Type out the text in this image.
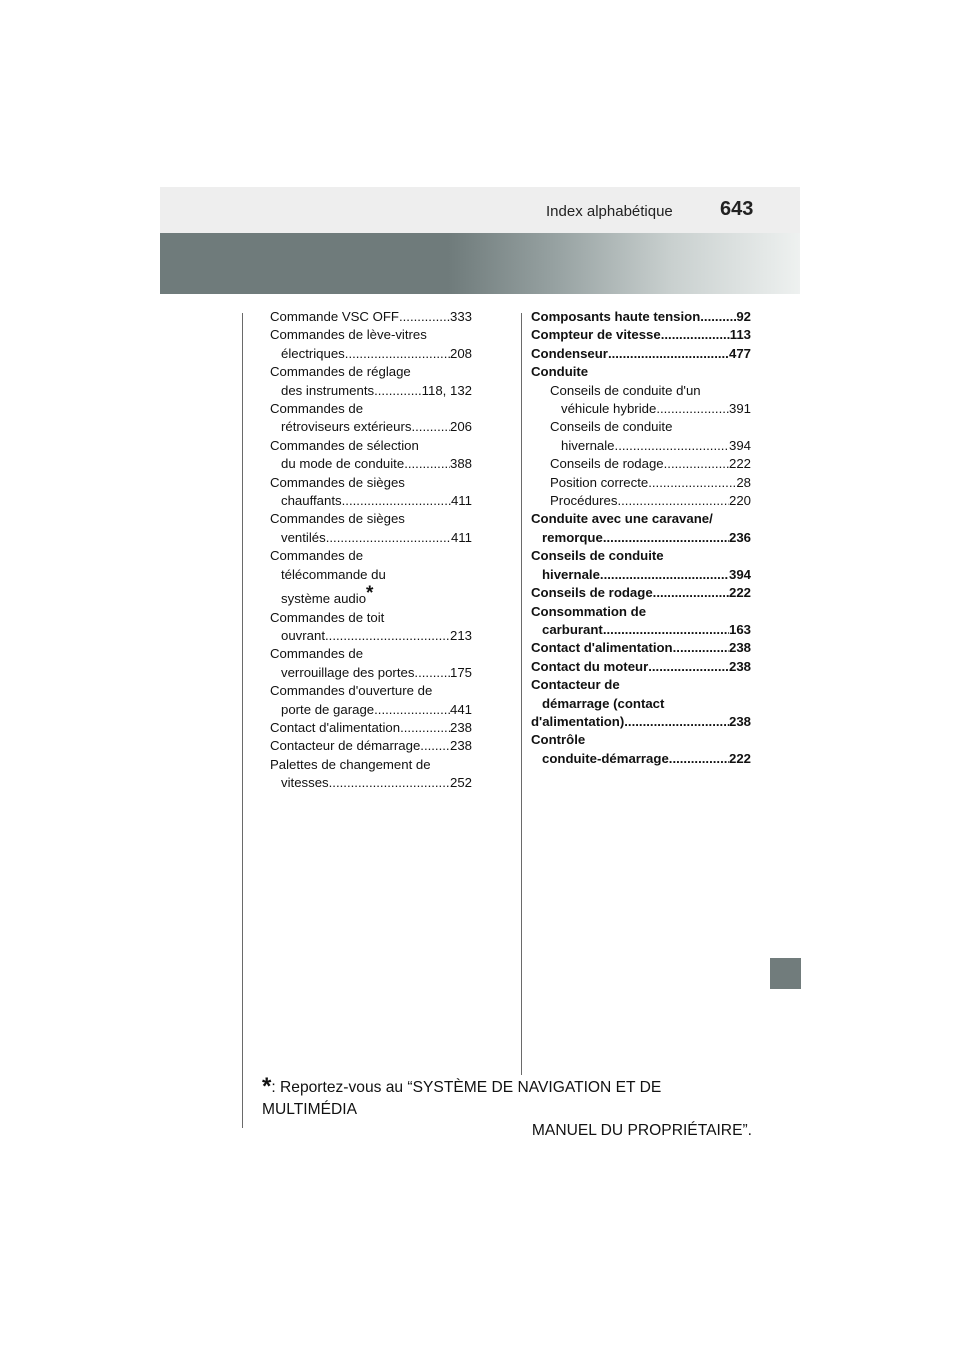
Index alphabétique 643
Commande VSC OFF .....	333
Commandes de lève-vitres
électriques .....	208
Commandes de réglage
des instruments .....	118, 132
Commandes de
rétroviseurs extérieurs .....	206
Commandes de sélection
du mode de conduite .....	388
Commandes de sièges
chauffants .....	411
Commandes de sièges
ventilés .....	411
Commandes de
télécommande du
système audio*
Commandes de toit
ouvrant .....	213
Commandes de
verrouillage des portes .....	175
Commandes d'ouverture de
porte de garage .....	441
Contact d'alimentation .....	238
Contacteur de démarrage ..... 238
Palettes de changement de
vitesses .....	252
Composants haute tension .....	92
Compteur de vitesse .....	113
Condenseur .....	477
Conduite
Conseils de conduite d'un
véhicule hybride .....	391
Conseils de conduite
hivernale .....	394
Conseils de rodage .....	222
Position correcte .....	28
Procédures .....	220
Conduite avec une caravane/
remorque .....	236
Conseils de conduite
hivernale .....	394
Conseils de rodage .....	222
Consommation de
carburant .....	163
Contact d'alimentation .....	238
Contact du moteur .....	238
Contacteur de
démarrage (contact
d'alimentation) .....	238
Contrôle
conduite-démarrage .....	222
*: Reportez-vous au “SYSTÈME DE NAVIGATION ET DE MULTIMÉDIA
MANUEL DU PROPRIÉTAIRE”.
